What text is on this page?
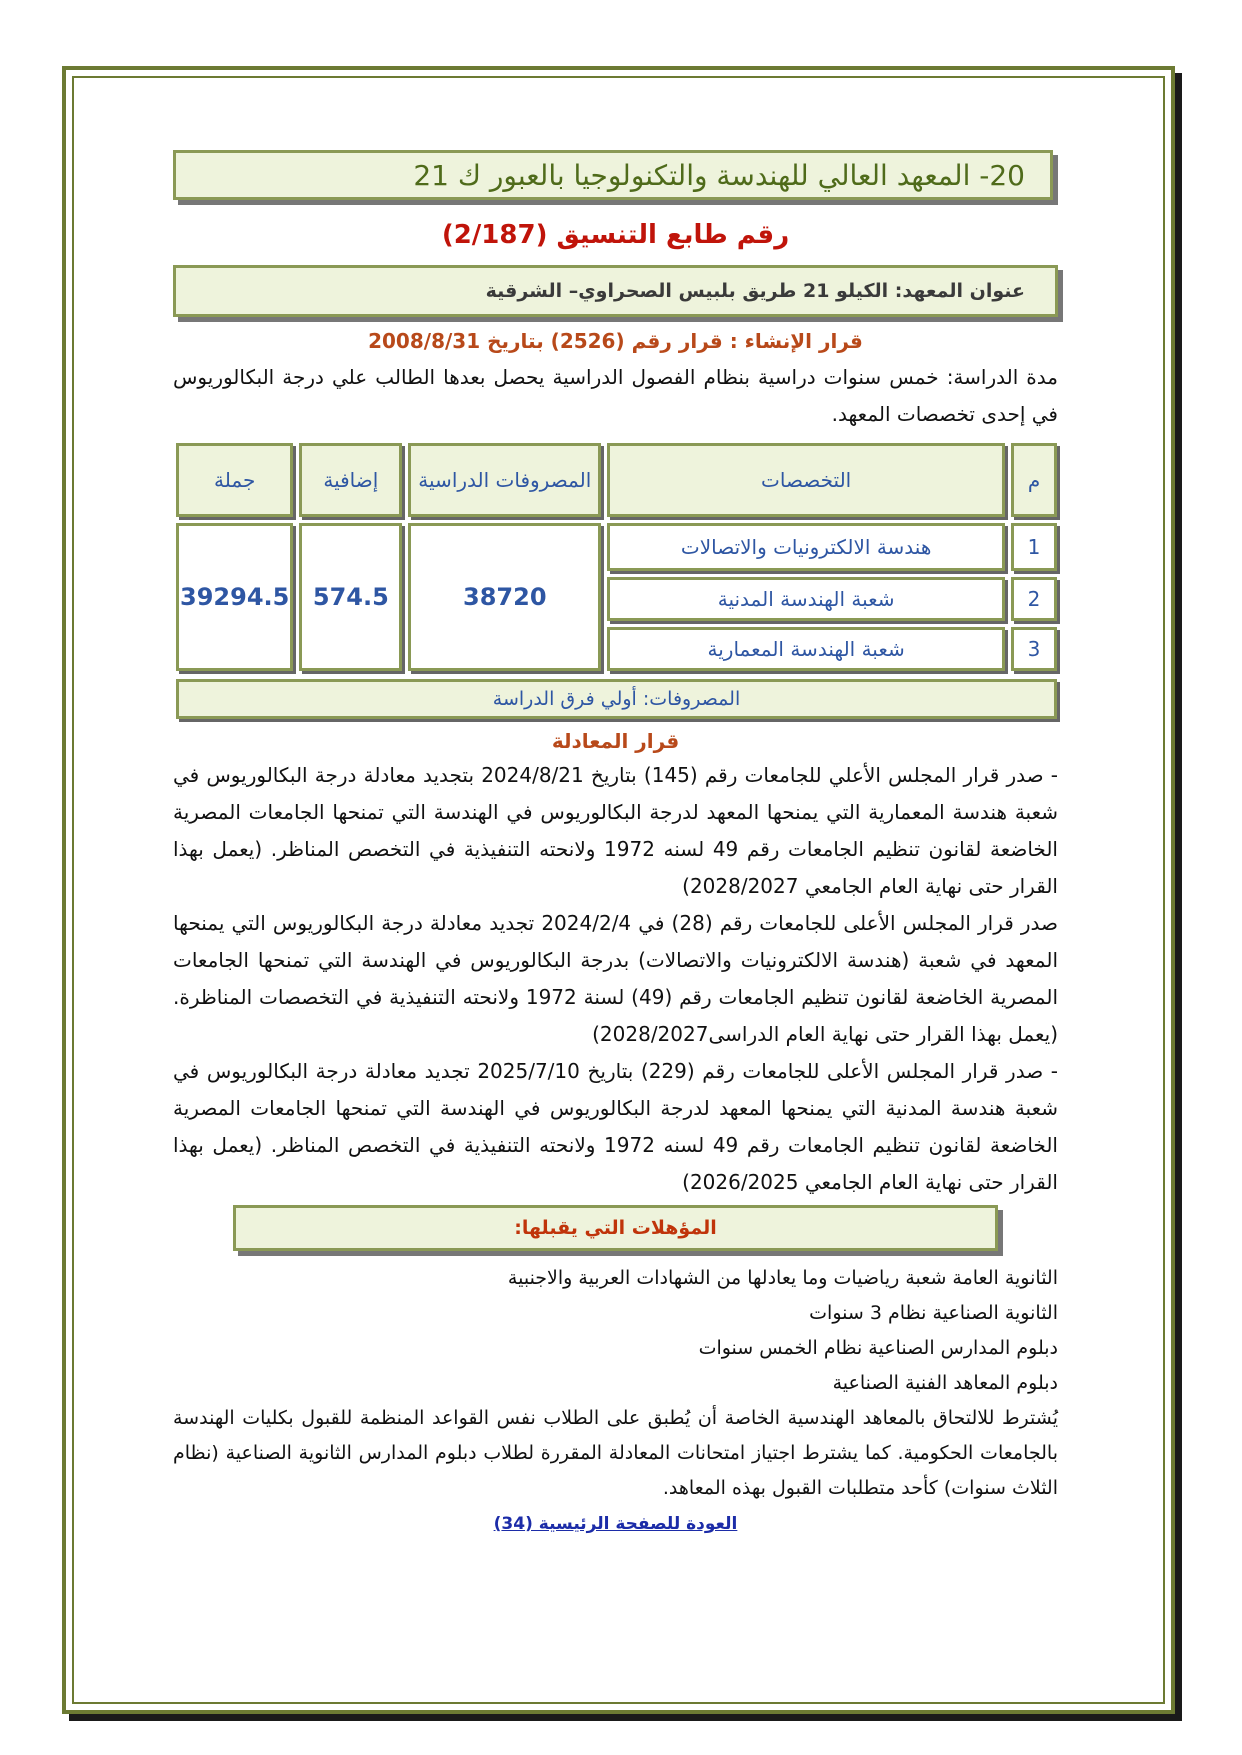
20- المعهد العالي للهندسة والتكنولوجيا بالعبور ك 21
رقم طابع التنسيق (2/187)
عنوان المعهد: الكيلو 21 طريق بلبيس الصحراوي– الشرقية
قرار الإنشاء : قرار رقم (2526) بتاريخ 2008/8/31
مدة الدراسة: خمس سنوات دراسية بنظام الفصول الدراسية يحصل بعدها الطالب علي درجة البكالوريوس في إحدى تخصصات المعهد.
م	التخصصات	المصروفات الدراسية	إضافية	جملة
1	هندسة الالكترونيات والاتصالات	38720	574.5	39294.5
2	شعبة الهندسة المدنية			
3	شعبة الهندسة المعمارية			
المصروفات: أولي فرق الدراسة
قرار المعادلة
- صدر قرار المجلس الأعلي للجامعات رقم (145) بتاريخ 2024/8/21 بتجديد معادلة درجة البكالوريوس في شعبة هندسة المعمارية التي يمنحها المعهد لدرجة البكالوريوس في الهندسة التي تمنحها الجامعات المصرية الخاضعة لقانون تنظيم الجامعات رقم 49 لسنه 1972 ولانحته التنفيذية في التخصص المناظر. (يعمل بهذا القرار حتى نهاية العام الجامعي 2028/2027)
صدر قرار المجلس الأعلى للجامعات رقم (28) في 2024/2/4 تجديد معادلة درجة البكالوريوس التي يمنحها المعهد في شعبة (هندسة الالكترونيات والاتصالات) بدرجة البكالوريوس في الهندسة التي تمنحها الجامعات المصرية الخاضعة لقانون تنظيم الجامعات رقم (49) لسنة 1972 ولانحته التنفيذية في التخصصات المناظرة. (يعمل بهذا القرار حتى نهاية العام الدراسى2028/2027)
- صدر قرار المجلس الأعلى للجامعات رقم (229) بتاريخ 2025/7/10 تجديد معادلة درجة البكالوريوس في شعبة هندسة المدنية التي يمنحها المعهد لدرجة البكالوريوس في الهندسة التي تمنحها الجامعات المصرية الخاضعة لقانون تنظيم الجامعات رقم 49 لسنه 1972 ولانحته التنفيذية في التخصص المناظر. (يعمل بهذا القرار حتى نهاية العام الجامعي 2026/2025)
المؤهلات التي يقبلها:
الثانوية العامة شعبة رياضيات وما يعادلها من الشهادات العربية والاجنبية
الثانوية الصناعية نظام 3 سنوات
دبلوم المدارس الصناعية نظام الخمس سنوات
دبلوم المعاهد الفنية الصناعية
يُشترط للالتحاق بالمعاهد الهندسية الخاصة أن يُطبق على الطلاب نفس القواعد المنظمة للقبول بكليات الهندسة بالجامعات الحكومية. كما يشترط اجتياز امتحانات المعادلة المقررة لطلاب دبلوم المدارس الثانوية الصناعية (نظام الثلاث سنوات) كأحد متطلبات القبول بهذه المعاهد.
العودة للصفحة الرئيسية (34)
